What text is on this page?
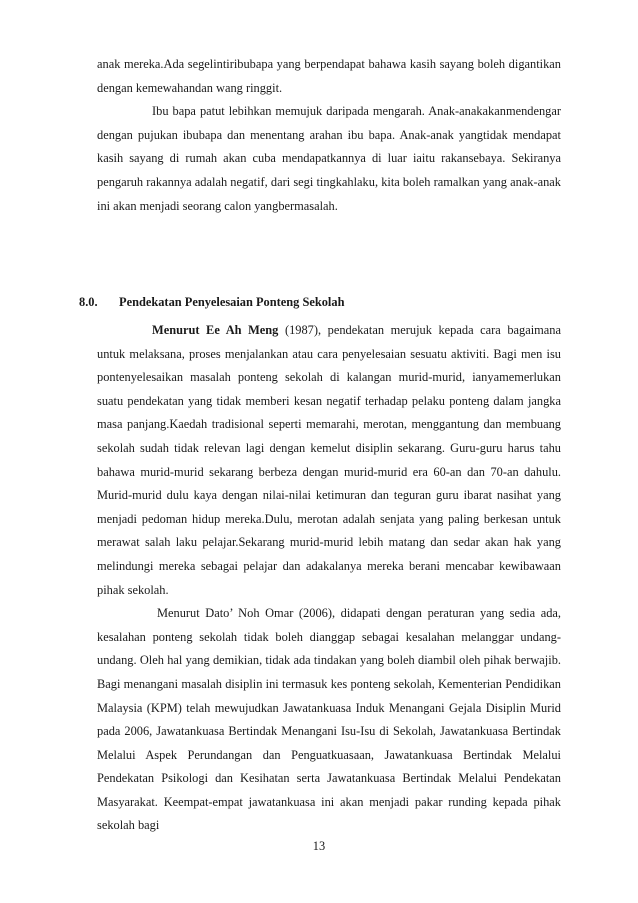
anak mereka.Ada segelintiribubapa yang berpendapat bahawa kasih sayang boleh digantikan dengan kemewahandan wang ringgit.

Ibu bapa patut lebihkan memujuk daripada mengarah. Anak-anakakanmendengar dengan pujukan ibubapa dan menentang arahan ibu bapa. Anak-anak yangtidak mendapat kasih sayang di rumah akan cuba mendapatkannya di luar iaitu rakansebaya. Sekiranya pengaruh rakannya adalah negatif, dari segi tingkahlaku, kita boleh ramalkan yang anak-anak ini akan menjadi seorang calon yangbermasalah.

8.0. Pendekatan Penyelesaian Ponteng Sekolah

Menurut Ee Ah Meng (1987), pendekatan merujuk kepada cara bagaimana untuk melaksana, proses menjalankan atau cara penyelesaian sesuatu aktiviti. Bagi men isu pontenyelesaikan masalah ponteng sekolah di kalangan murid-murid, ianyamemerlukan suatu pendekatan yang tidak memberi kesan negatif terhadap pelaku ponteng dalam jangka masa panjang.Kaedah tradisional seperti memarahi, merotan, menggantung dan membuang sekolah sudah tidak relevan lagi dengan kemelut disiplin sekarang. Guru-guru harus tahu bahawa murid-murid sekarang berbeza dengan murid-murid era 60-an dan 70-an dahulu. Murid-murid dulu kaya dengan nilai-nilai ketimuran dan teguran guru ibarat nasihat yang menjadi pedoman hidup mereka.Dulu, merotan adalah senjata yang paling berkesan untuk merawat salah laku pelajar.Sekarang murid-murid lebih matang dan sedar akan hak yang melindungi mereka sebagai pelajar dan adakalanya mereka berani mencabar kewibawaan pihak sekolah.

Menurut Dato’ Noh Omar (2006), didapati dengan peraturan yang sedia ada, kesalahan ponteng sekolah tidak boleh dianggap sebagai kesalahan melanggar undang-undang. Oleh hal yang demikian, tidak ada tindakan yang boleh diambil oleh pihak berwajib. Bagi menangani masalah disiplin ini termasuk kes ponteng sekolah, Kementerian Pendidikan Malaysia (KPM) telah mewujudkan Jawatankuasa Induk Menangani Gejala Disiplin Murid pada 2006, Jawatankuasa Bertindak Menangani Isu-Isu di Sekolah, Jawatankuasa Bertindak Melalui Aspek Perundangan dan Penguatkuasaan, Jawatankuasa Bertindak Melalui Pendekatan Psikologi dan Kesihatan serta Jawatankuasa Bertindak Melalui Pendekatan Masyarakat. Keempat-empat jawatankuasa ini akan menjadi pakar runding kepada pihak sekolah bagi

13
